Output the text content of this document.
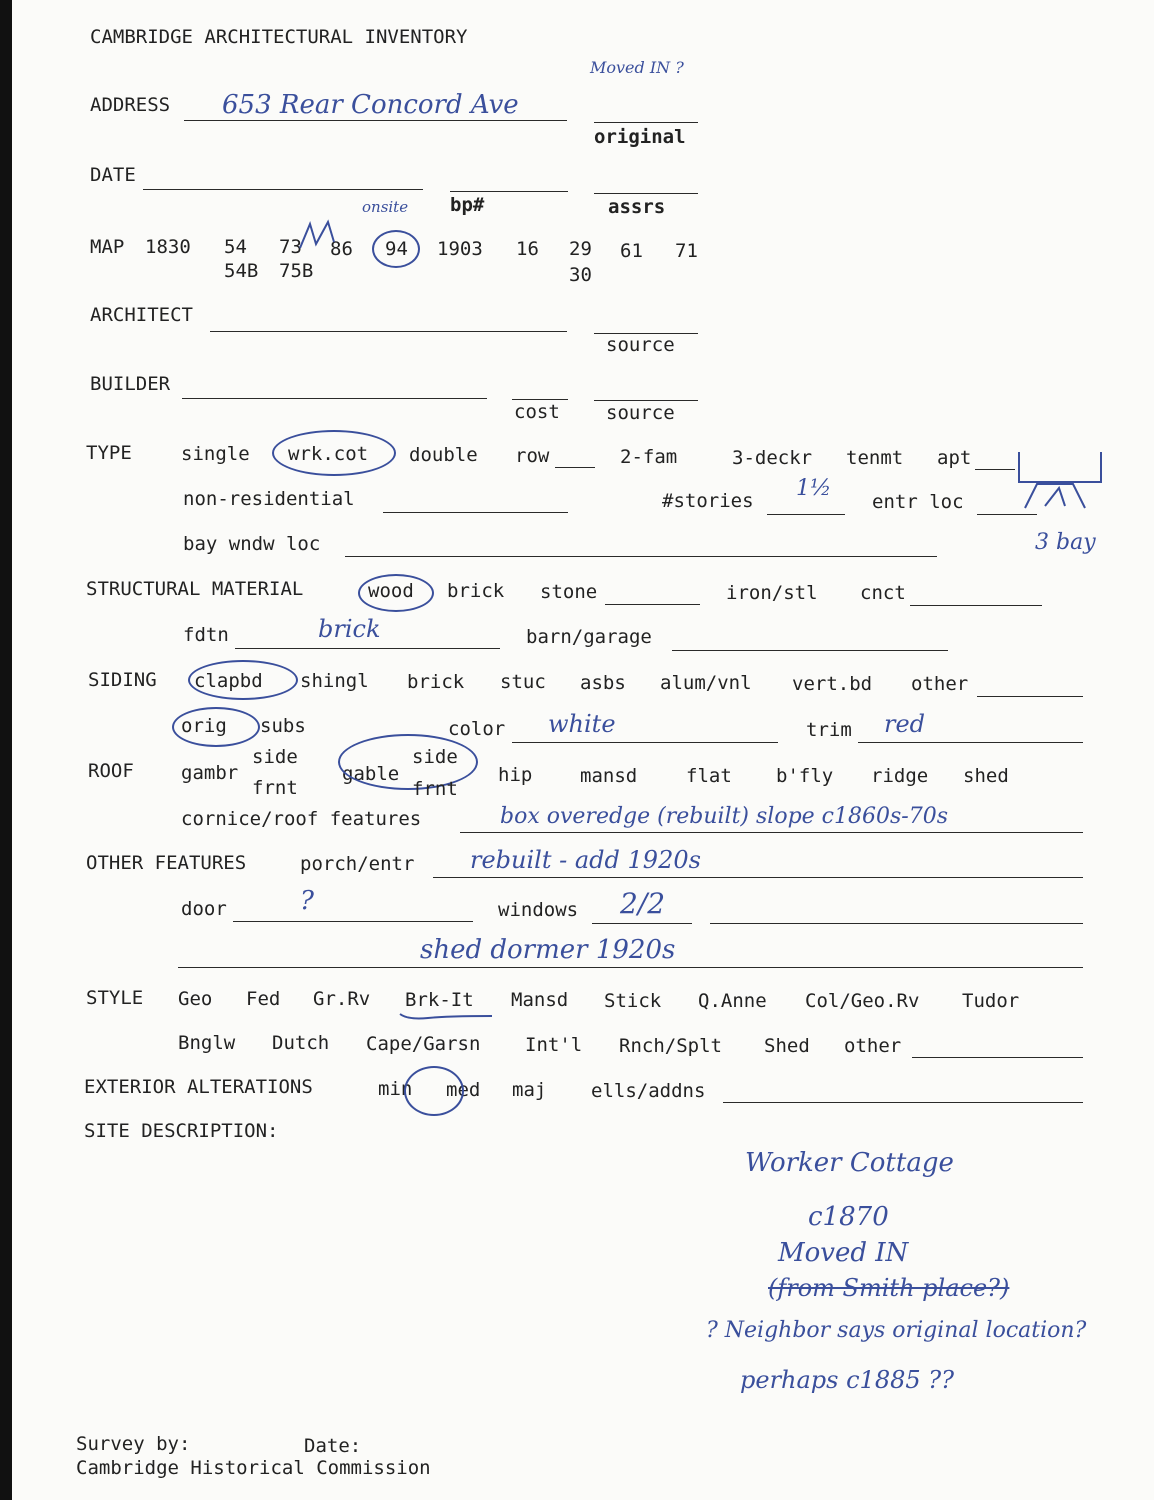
CAMBRIDGE ARCHITECTURAL INVENTORY
ADDRESS 653 Rear Concord Ave
Moved IN ?
original
DATE
bp#	assrs
onsite
MAP 1830 54 73 86 94 1903 16 29 61 71
54B 75B	30
ARCHITECT
source
BUILDER
cost source
TYPE	single wrk.cot double row	2-fam	3-deckr tenmt apt
non-residential	#stories 1½
entr loc
bay wndw loc	3 bay
STRUCTURAL MATERIAL	wood brick stone	iron/stl cnct
fdtn	brick	barn/garage
SIDING clapbd shingl brick stuc asbs alum/vnl vert.bd other
orig subs	color white	trim red
ROOF gambr
side
frnt
gable
side
frnt
hip	mansd	flat b'fly ridge shed
cornice/roof features	box overedge (rebuilt) slope c1860s-70s
OTHER FEATURES	porch/entr rebuilt - add 1920s
door	?	windows 2/2
shed dormer 1920s
STYLE Geo Fed Gr.Rv Brk-It Mansd Stick Q.Anne Col/Geo.Rv Tudor
Bnglw Dutch Cape/Garsn Int'l Rnch/Splt Shed other
EXTERIOR ALTERATIONS	min med maj ells/addns
SITE DESCRIPTION:
Worker Cottage
c1870
Moved IN
(from Smith place?)
? Neighbor says original location?
perhaps c1885 ??
Survey by:	Date:
Cambridge Historical Commission
